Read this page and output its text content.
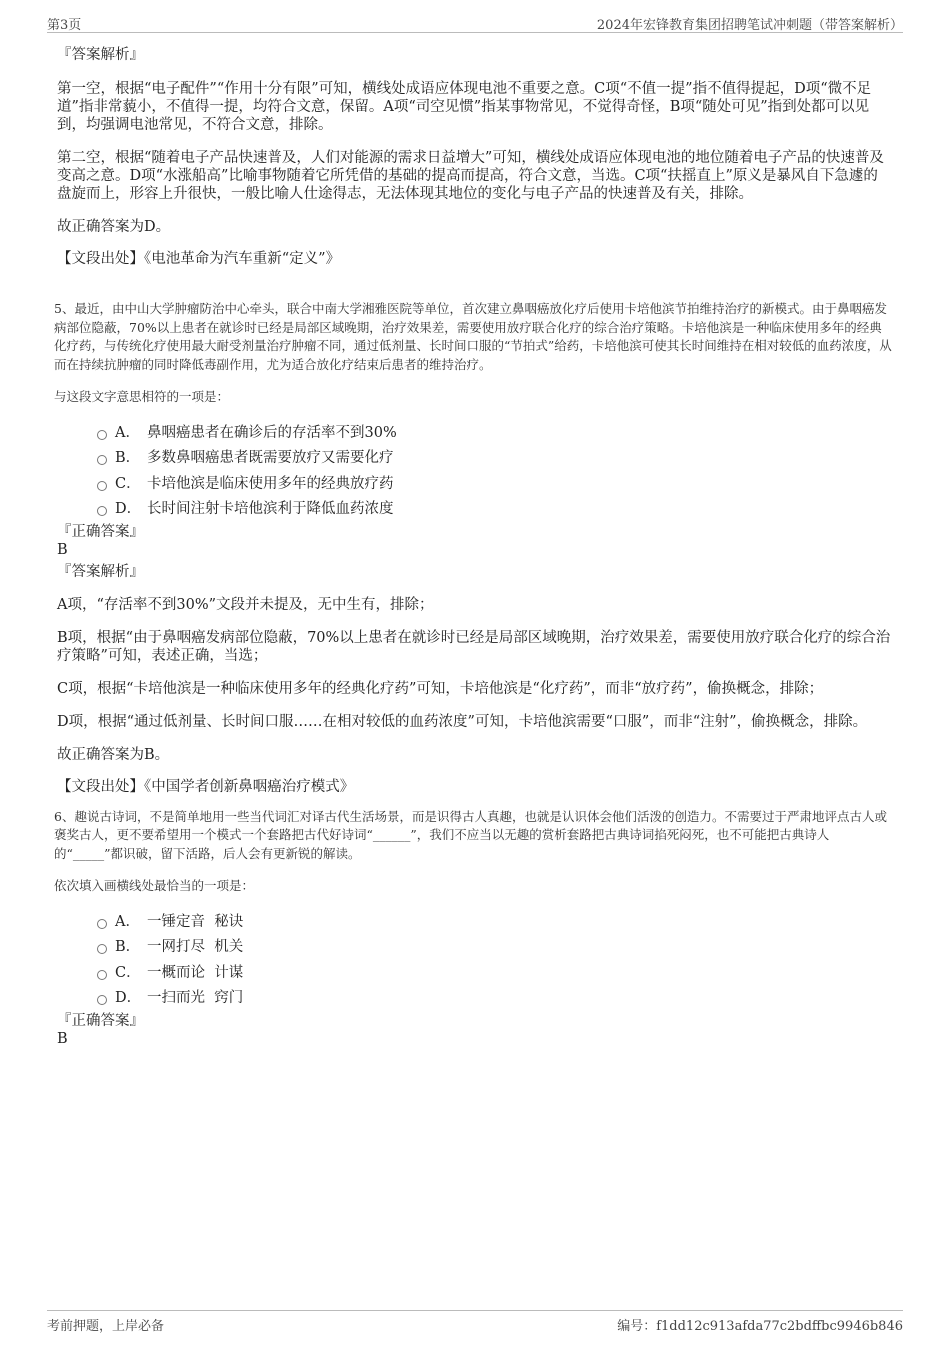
第3页	2024年宏锋教育集团招聘笔试冲刺题（带答案解析）

『答案解析』

第一空，根据“电子配件”“作用十分有限”可知，横线处成语应体现电池不重要之意。C项“不值一提”指不值得提起，D项“微不足道”指非常藐小，不值得一提，均符合文意，保留。A项“司空见惯”指某事物常见，不觉得奇怪，B项“随处可见”指到处都可以见到，均强调电池常见，不符合文意，排除。

第二空，根据“随着电子产品快速普及，人们对能源的需求日益增大”可知，横线处成语应体现电池的地位随着电子产品的快速普及变高之意。D项“水涨船高”比喻事物随着它所凭借的基础的提高而提高，符合文意，当选。C项“扶摇直上”原义是暴风自下急遽的盘旋而上，形容上升很快，一般比喻人仕途得志，无法体现其地位的变化与电子产品的快速普及有关，排除。

故正确答案为D。

【文段出处】《电池革命为汽车重新“定义”》

5、最近，由中山大学肿瘤防治中心牵头，联合中南大学湘雅医院等单位，首次建立鼻咽癌放化疗后使用卡培他滨节拍维持治疗的新模式。由于鼻咽癌发病部位隐蔽，70%以上患者在就诊时已经是局部区域晚期，治疗效果差，需要使用放疗联合化疗的综合治疗策略。卡培他滨是一种临床使用多年的经典化疗药，与传统化疗使用最大耐受剂量治疗肿瘤不同，通过低剂量、长时间口服的“节拍式”给药，卡培他滨可使其长时间维持在相对较低的血药浓度，从而在持续抗肿瘤的同时降低毒副作用，尤为适合放化疗结束后患者的维持治疗。

与这段文字意思相符的一项是：

A． 鼻咽癌患者在确诊后的存活率不到30%
B． 多数鼻咽癌患者既需要放疗又需要化疗
C． 卡培他滨是临床使用多年的经典放疗药
D． 长时间注射卡培他滨利于降低血药浓度

『正确答案』

B

『答案解析』

A项，“存活率不到30%”文段并未提及，无中生有，排除；

B项，根据“由于鼻咽癌发病部位隐蔽，70%以上患者在就诊时已经是局部区域晚期，治疗效果差，需要使用放疗联合化疗的综合治疗策略”可知，表述正确，当选；

C项，根据“卡培他滨是一种临床使用多年的经典化疗药”可知，卡培他滨是“化疗药”，而非“放疗药”，偷换概念，排除；

D项，根据“通过低剂量、长时间口服……在相对较低的血药浓度”可知，卡培他滨需要“口服”，而非“注射”，偷换概念，排除。

故正确答案为B。

【文段出处】《中国学者创新鼻咽癌治疗模式》

6、趣说古诗词，不是简单地用一些当代词汇对译古代生活场景，而是识得古人真趣，也就是认识体会他们活泼的创造力。不需要过于严肃地评点古人或褒奖古人，更不要希望用一个模式一个套路把古代好诗词“______”，我们不应当以无趣的赏析套路把古典诗词掐死闷死，也不可能把古典诗人的“_____”都识破，留下活路，后人会有更新锐的解读。

依次填入画横线处最恰当的一项是：

A． 一锤定音  秘诀
B． 一网打尽  机关
C． 一概而论  计谋
D． 一扫而光  窍门

『正确答案』

B

考前押题，上岸必备	编号：f1dd12c913afda77c2bdffbc9946b846
